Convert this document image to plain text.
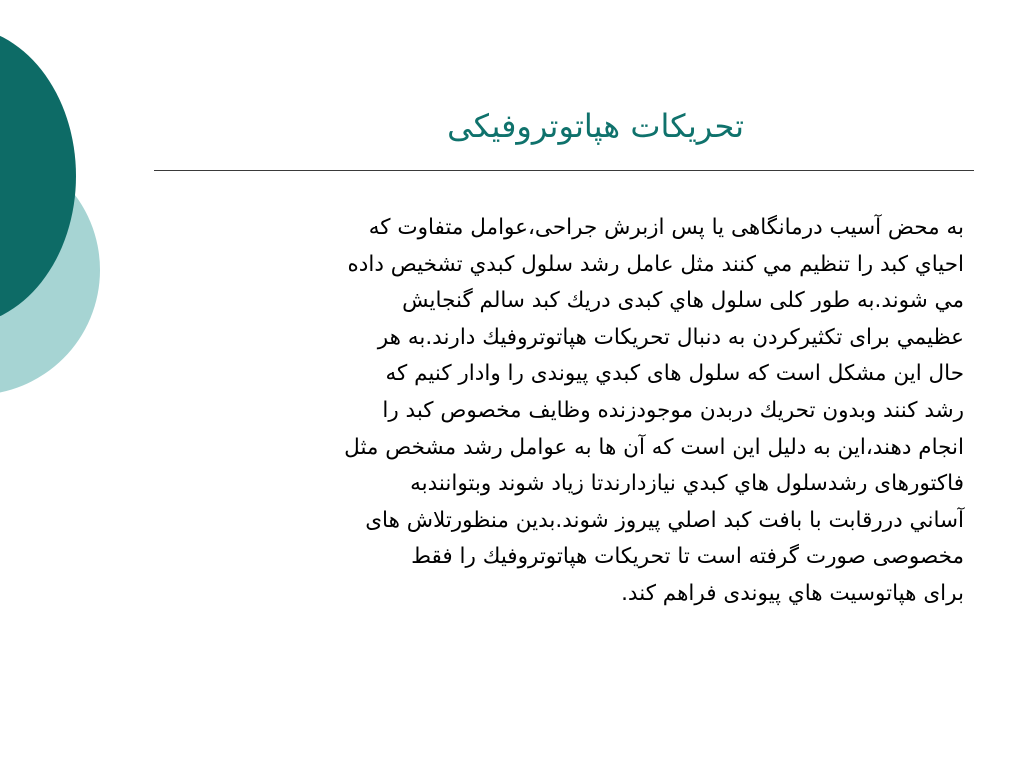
تحریکات هپاتوتروفیکی
به محض آسیب درمانگاهی یا پس ازبرش جراحی،عوامل متفاوت که
احياي كبد را تنظيم مي كنند مثل عامل رشد سلول كبدي تشخيص داده
مي شوند.به طور کلی سلول هاي کبدی دريك كبد سالم گنجايش
عظيمي برای تكثيركردن به دنبال تحريكات هپاتوتروفيك دارند.به هر
حال اين مشكل است كه سلول های كبدي پيوندی را وادار كنيم كه
رشد كنند وبدون تحريك دربدن موجودزنده وظايف مخصوص كبد را
انجام دهند،اين به دليل اين است كه آن ها به عوامل رشد مشخص مثل
فاكتورهای رشدسلول هاي كبدي نيازدارندتا زياد شوند وبتوانندبه
آساني دررقابت با بافت كبد اصلي پيروز شوند.بدين منظورتلاش های
مخصوصی صورت گرفته است تا تحريكات هپاتوتروفيك را فقط
برای هپاتوسيت هاي پيوندی فراهم كند.
